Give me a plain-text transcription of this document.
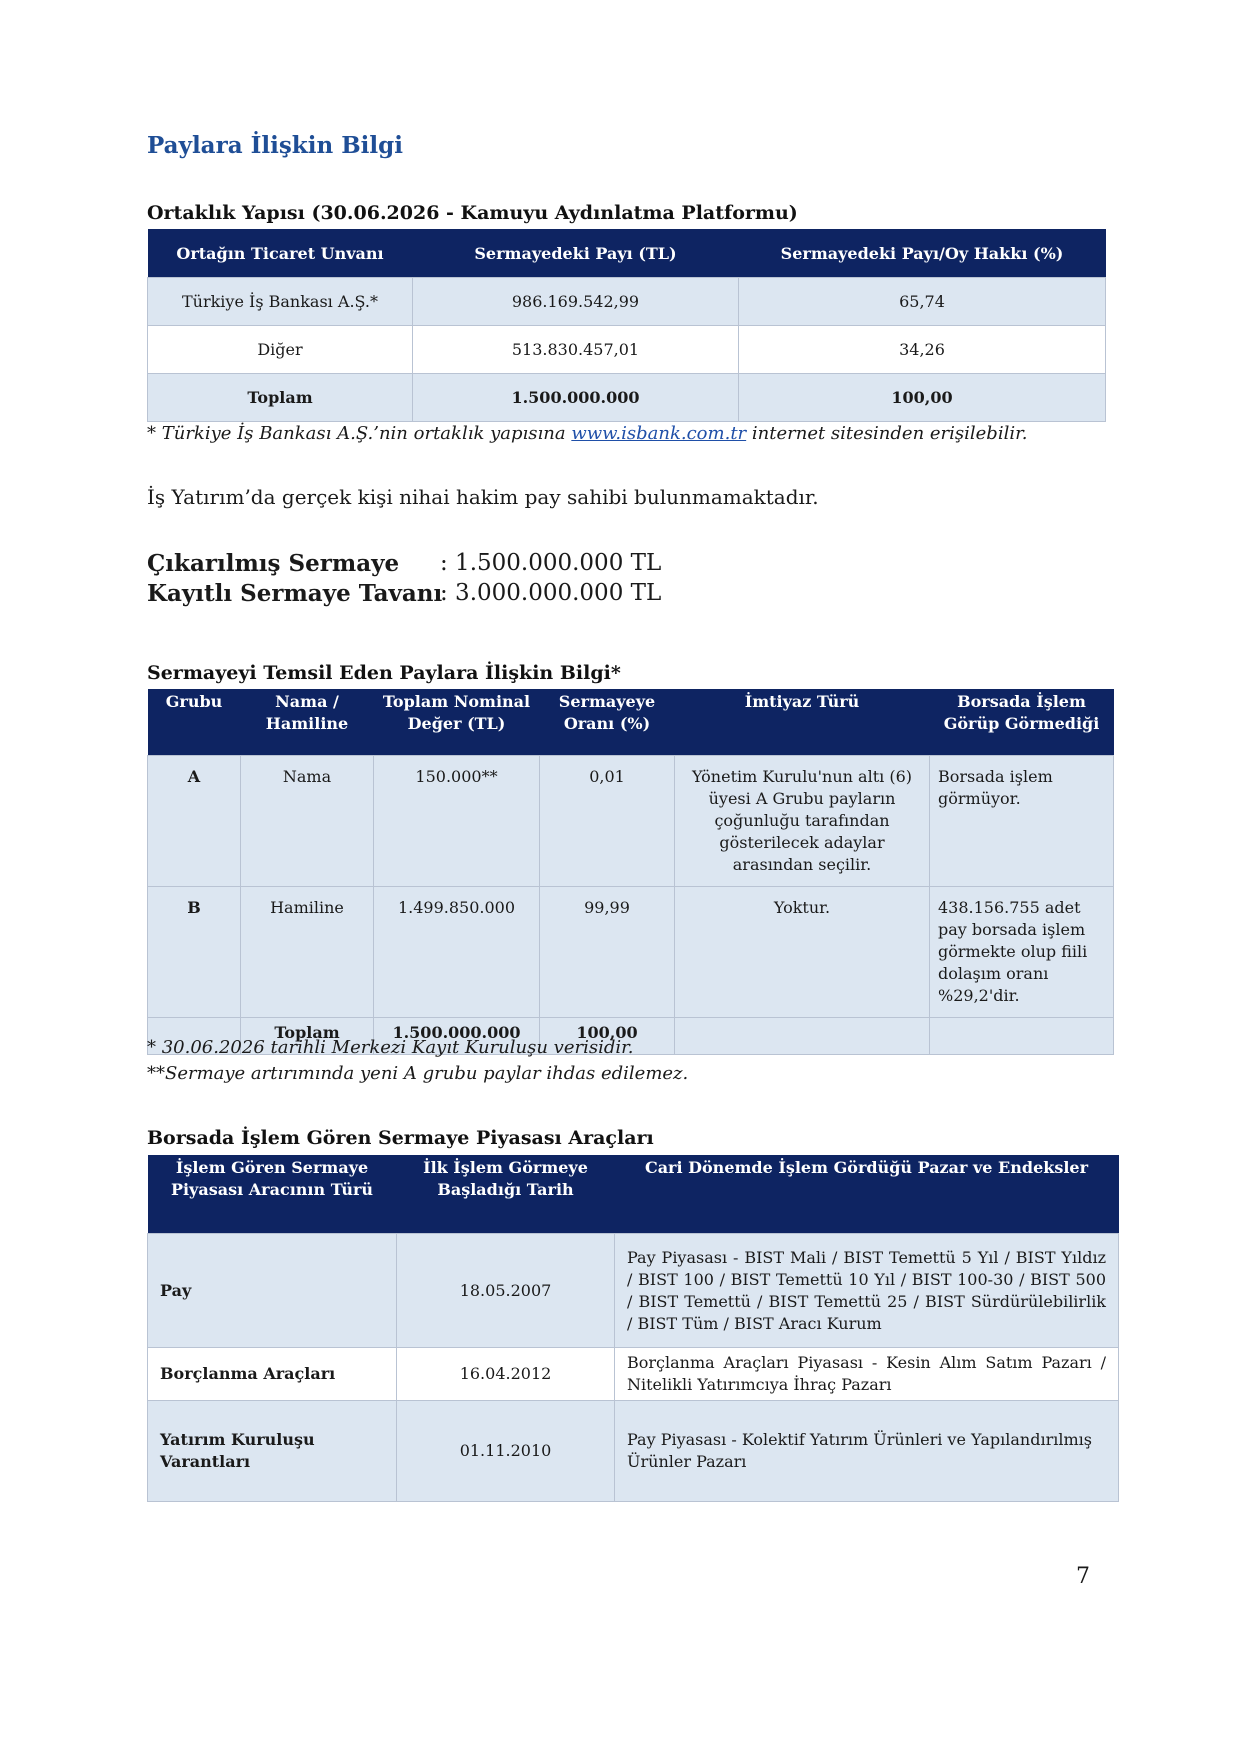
Paylara İlişkin Bilgi
Ortaklık Yapısı (30.06.2026 - Kamuyu Aydınlatma Platformu)
Ortağın Ticaret Unvanı	Sermayedeki Payı (TL)	Sermayedeki Payı/Oy Hakkı (%)
Türkiye İş Bankası A.Ş.*	986.169.542,99	65,74
Diğer	513.830.457,01	34,26
Toplam	1.500.000.000	100,00
* Türkiye İş Bankası A.Ş.’nin ortaklık yapısına www.isbank.com.tr internet sitesinden erişilebilir.
İş Yatırım’da gerçek kişi nihai hakim pay sahibi bulunmamaktadır.
Çıkarılmış Sermaye : 1.500.000.000 TL
Kayıtlı Sermaye Tavanı
: 3.000.000.000 TL
Sermayeyi Temsil Eden Paylara İlişkin Bilgi*
Grubu	Nama / Hamiline	Toplam Nominal Değer (TL)	Sermayeye Oranı (%)	İmtiyaz Türü	Borsada İşlem Görüp Görmediği
A	Nama	150.000**	0,01	Yönetim Kurulu'nun altı (6) üyesi A Grubu payların çoğunluğu tarafından gösterilecek adaylar arasından seçilir.	Borsada işlem görmüyor.
B	Hamiline	1.499.850.000	99,99	Yoktur.	438.156.755 adet pay borsada işlem görmekte olup fiili dolaşım oranı %29,2'dir.
	Toplam	1.500.000.000	100,00		
* 30.06.2026 tarihli Merkezi Kayıt Kuruluşu verisidir.
**Sermaye artırımında yeni A grubu paylar ihdas edilemez.
Borsada İşlem Gören Sermaye Piyasası Araçları
İşlem Gören Sermaye Piyasası Aracının Türü	İlk İşlem Görmeye Başladığı Tarih	Cari Dönemde İşlem Gördüğü Pazar ve Endeksler
Pay	18.05.2007	Pay Piyasası - BIST Mali / BIST Temettü 5 Yıl / BIST Yıldız / BIST 100 / BIST Temettü 10 Yıl / BIST 100-30 / BIST 500 / BIST Temettü / BIST Temettü 25 / BIST Sürdürülebilirlik / BIST Tüm / BIST Aracı Kurum
Borçlanma Araçları	16.04.2012	Borçlanma Araçları Piyasası - Kesin Alım Satım Pazarı / Nitelikli Yatırımcıya İhraç Pazarı
Yatırım Kuruluşu Varantları	01.11.2010	Pay Piyasası - Kolektif Yatırım Ürünleri ve Yapılandırılmış Ürünler Pazarı
7
